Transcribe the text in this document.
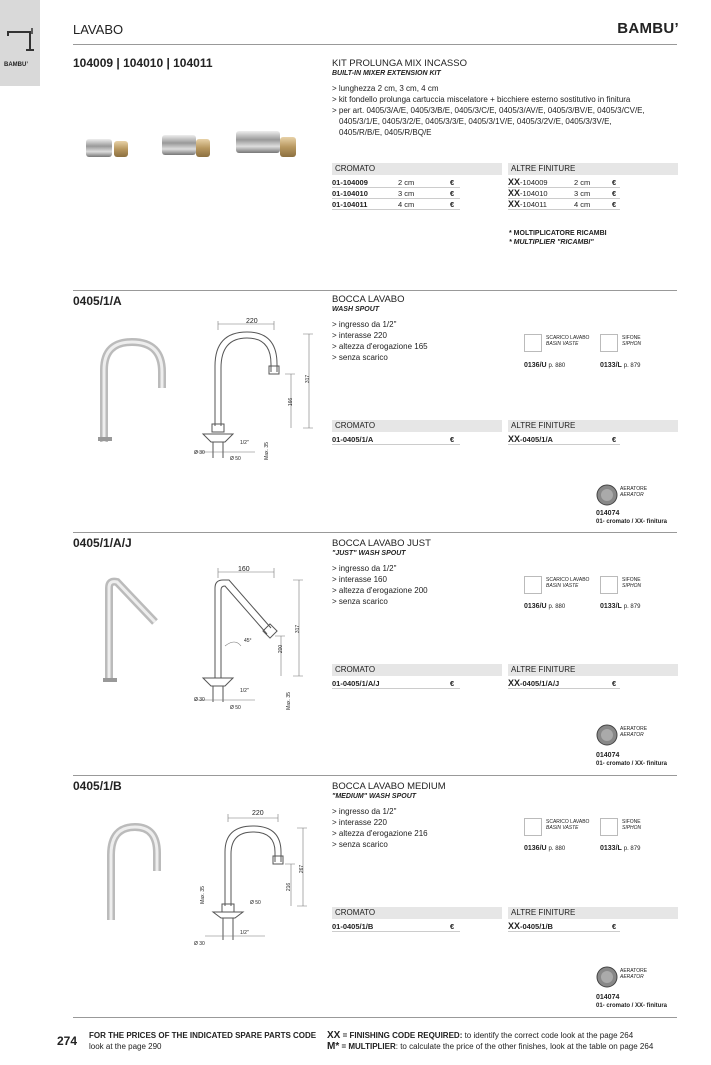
BAMBU’
LAVABO	BAMBU’
104009 | 104010 | 104011	KIT PROLUNGA MIX INCASSO
BUILT-IN MIXER EXTENSION KIT
> lunghezza 2 cm, 3 cm, 4 cm
> kit fondello prolunga cartuccia miscelatore + bicchiere esterno sostitutivo in finitura
> per art. 0405/3/A/E, 0405/3/B/E, 0405/3/C/E, 0405/3/AV/E, 0405/3/BV/E, 0405/3/CV/E,
0405/3/1/E, 0405/3/2/E, 0405/3/3/E, 0405/3/1V/E, 0405/3/2V/E, 0405/3/3V/E,
0405/R/B/E, 0405/R/BQ/E
CROMATO	ALTRE FINITURE
01-104009	2 cm	€
01-104010	3 cm	€
01-104011	4 cm	€
XX-104009	2 cm	€
XX-104010	3 cm	€
XX-104011	4 cm	€
* MOLTIPLICATORE RICAMBI
* MULTIPLIER "RICAMBI"
0405/1/A	BOCCA LAVABO
WASH SPOUT
> ingresso da 1/2"
> interasse 220
> altezza d'erogazione 165
> senza scarico
220
317
166
1/2"
Ø 30
Ø 50	Max. 35
SCARICO LAVABO
BASIN VASTE
SIFONE
SIPHON
0136/U p. 880	0133/L p. 879
CROMATO	ALTRE FINITURE
01-0405/1/A	€	XX-0405/1/A	€
AERATORE
AERATOR
014074
01- cromato / XX- finitura
0405/1/A/J	BOCCA LAVABO JUST
"JUST" WASH SPOUT
> ingresso da 1/2"
> interasse 160
> altezza d'erogazione 200
> senza scarico
160
317
200
45°
1/2"
Ø 30
Ø 50	Max. 35
SCARICO LAVABO
BASIN VASTE
SIFONE
SIPHON
0136/U p. 880	0133/L p. 879
CROMATO	ALTRE FINITURE
01-0405/1/A/J	€	XX-0405/1/A/J	€
AERATORE
AERATOR
014074
01- cromato / XX- finitura
0405/1/B	BOCCA LAVABO MEDIUM
"MEDIUM" WASH SPOUT
> ingresso da 1/2"
> interasse 220
> altezza d'erogazione 216
> senza scarico
220
267
216
Ø 50
1/2"
Ø 30
Max. 35
SCARICO LAVABO
BASIN VASTE
SIFONE
SIPHON
0136/U p. 880	0133/L p. 879
CROMATO	ALTRE FINITURE
01-0405/1/B	€	XX-0405/1/B	€
AERATORE
AERATOR
014074
01- cromato / XX- finitura
274 FOR THE PRICES OF THE INDICATED SPARE PARTS CODE
look at the page 290
XX = FINISHING CODE REQUIRED: to identify the correct code look at the page 264
M* = MULTIPLIER: to calculate the price of the other finishes, look at the table on page 264
